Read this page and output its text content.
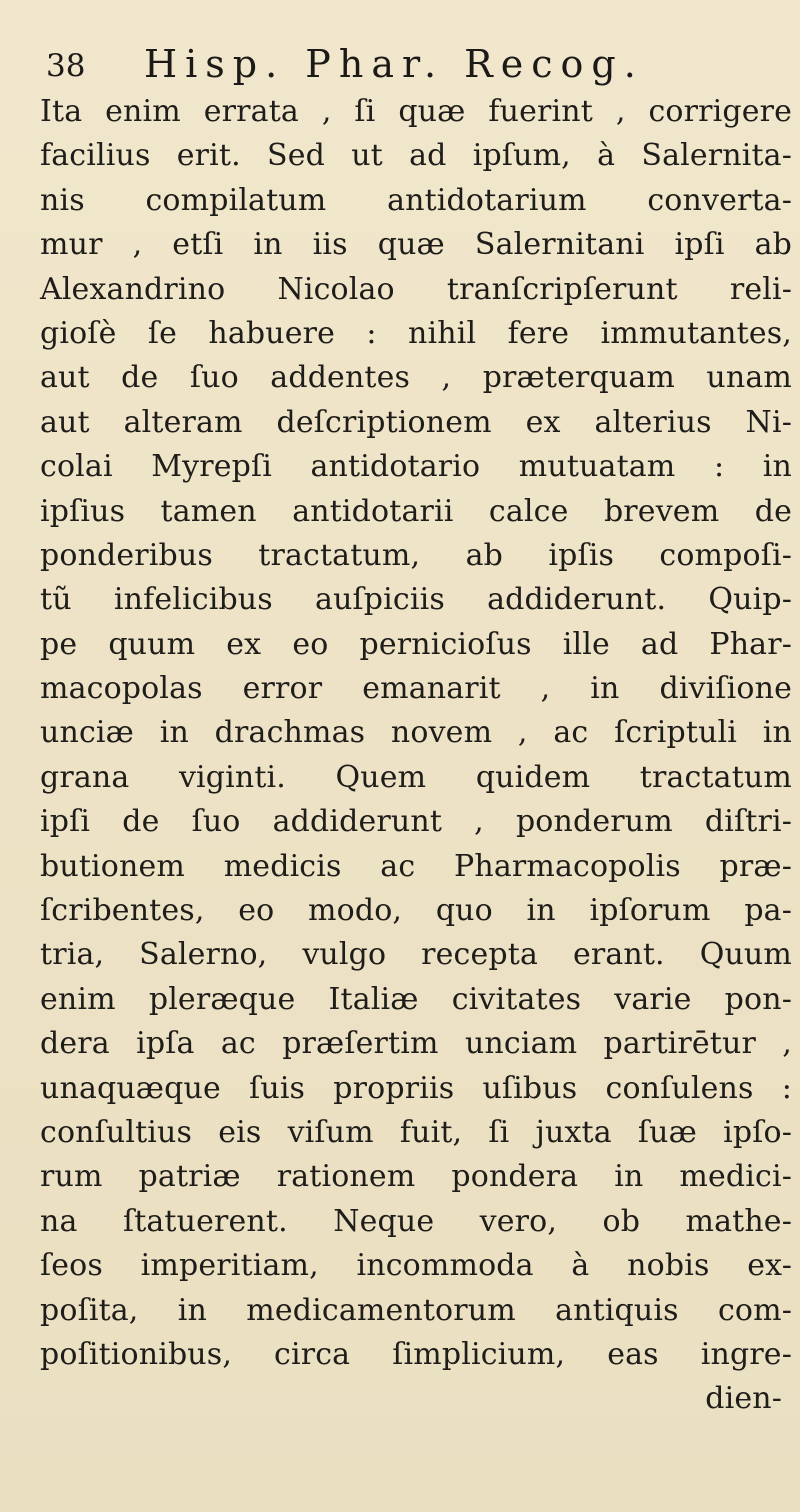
38 Hisp. Phar. Recog.
Ita enim errata , ſi quæ fuerint , corrigere
facilius erit. Sed ut ad ipſum, à Salernita-
nis compilatum antidotarium converta-
mur , etſi in iis quæ Salernitani ipſi ab
Alexandrino Nicolao tranſcripſerunt reli-
gioſè ſe habuere : nihil fere immutantes,
aut de ſuo addentes , præterquam unam
aut alteram deſcriptionem ex alterius Ni-
colai Myrepſi antidotario mutuatam : in
ipſius tamen antidotarii calce brevem de
ponderibus tractatum, ab ipſis compoſi-
tũ infelicibus auſpiciis addiderunt. Quip-
pe quum ex eo pernicioſus ille ad Phar-
macopolas error emanarit , in diviſione
unciæ in drachmas novem , ac ſcriptuli in
grana viginti. Quem quidem tractatum
ipſi de ſuo addiderunt , ponderum diſtri-
butionem medicis ac Pharmacopolis præ-
ſcribentes, eo modo, quo in ipſorum pa-
tria, Salerno, vulgo recepta erant. Quum
enim pleræque Italiæ civitates varie pon-
dera ipſa ac præſertim unciam partirētur ,
unaquæque ſuis propriis uſibus conſulens :
conſultius eis viſum fuit, ſi juxta ſuæ ipſo-
rum patriæ rationem pondera in medici-
na ſtatuerent. Neque vero, ob mathe-
ſeos imperitiam, incommoda à nobis ex-
poſita, in medicamentorum antiquis com-
poſitionibus, circa ſimplicium, eas ingre-
dien-
